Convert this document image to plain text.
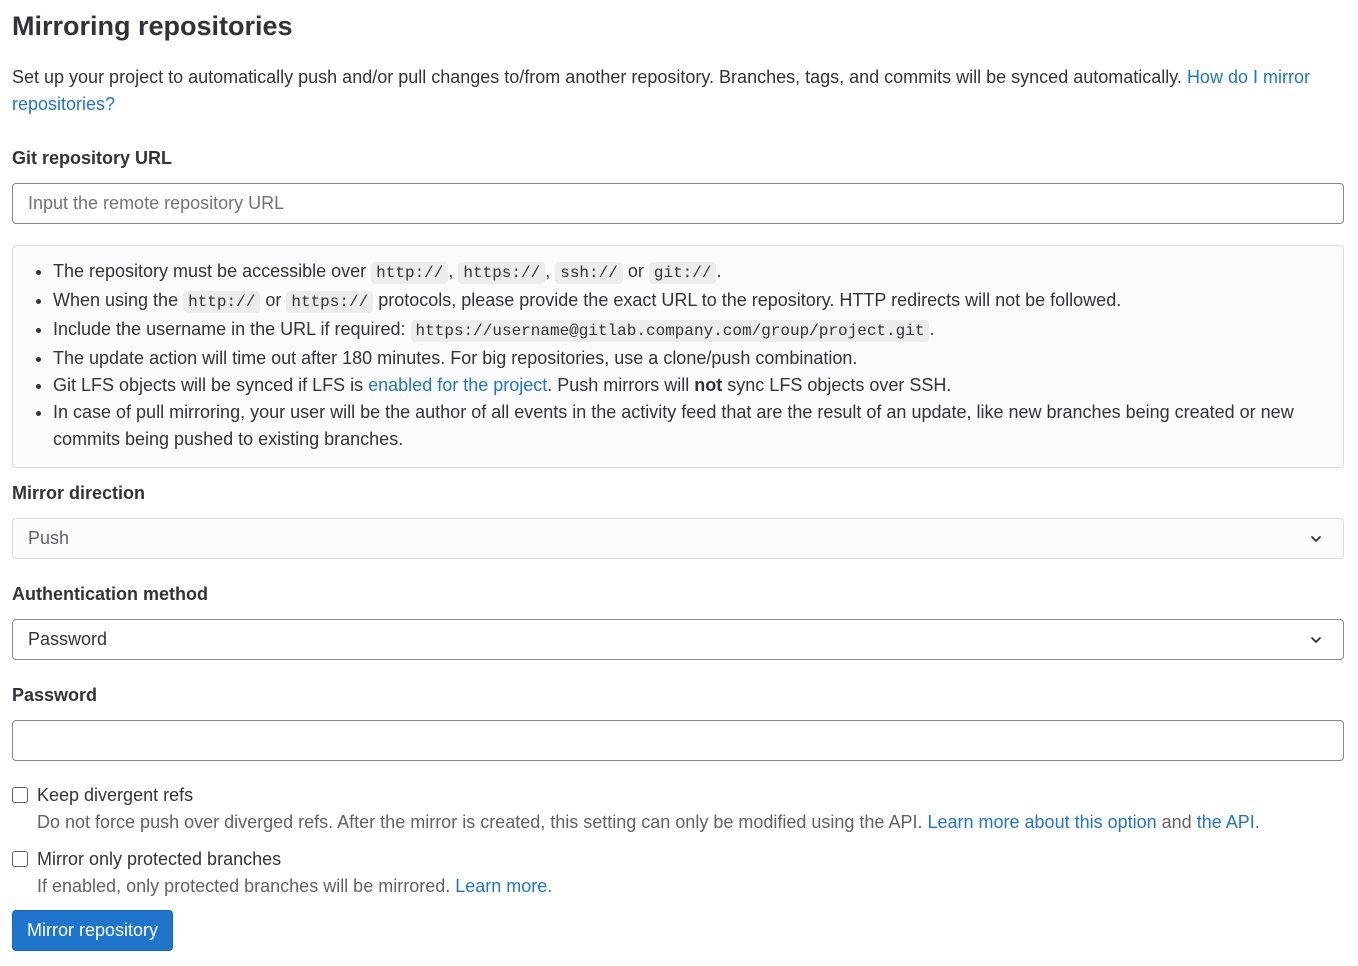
Mirroring repositories

Set up your project to automatically push and/or pull changes to/from another repository. Branches, tags, and commits will be synced automatically. How do I mirror repositories?

Git repository URL
Input the remote repository URL
• The repository must be accessible over http:// , https:// , ssh:// or git:// .
• When using the http:// or https:// protocols, please provide the exact URL to the repository. HTTP redirects will not be followed.
• Include the username in the URL if required: https://username@gitlab.company.com/group/project.git .
• The update action will time out after 180 minutes. For big repositories, use a clone/push combination.
• Git LFS objects will be synced if LFS is enabled for the project. Push mirrors will not sync LFS objects over SSH.
• In case of pull mirroring, your user will be the author of all events in the activity feed that are the result of an update, like new branches being created or new commits being pushed to existing branches.
Mirror direction
Push
Authentication method
Password
Password
Keep divergent refs
Do not force push over diverged refs. After the mirror is created, this setting can only be modified using the API. Learn more about this option and the API.
Mirror only protected branches
If enabled, only protected branches will be mirrored. Learn more.
Mirror repository
